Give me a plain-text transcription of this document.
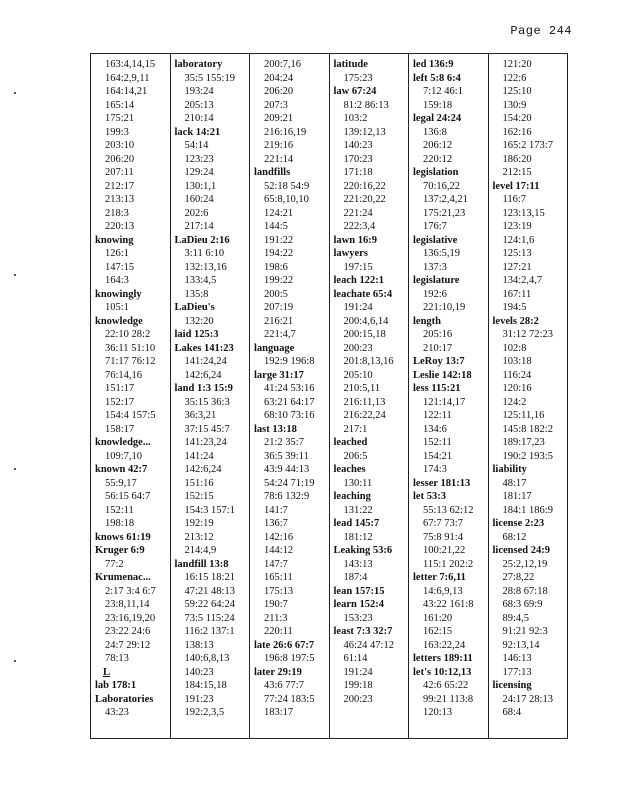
Page 244
163:4,14,15
164:2,9,11
164:14,21
165:14
175:21
199:3
203:10
206:20
207:11
212:17
213:13
218:3
220:13
knowing
126:1
147:15
164:3
knowingly
105:1
knowledge
22:10 28:2
36:11 51:10
71:17 76:12
76:14,16
151:17
152:17
154:4 157:5
158:17
knowledge...
109:7,10
known 42:7
55:9,17
56:15 64:7
152:11
198:18
knows 61:19
Kruger 6:9
77:2
Krumenac...
2:17 3:4 6:7
23:8,11,14
23:16,19,20
23:22 24:6
24:7 29:12
78:13
L
lab 178:1
Laboratories
43:23
laboratory
35:5 155:19
193:24
205:13
210:14
lack 14:21
54:14
123:23
129:24
130:1,1
160:24
202:6
217:14
LaDieu 2:16
3:11 6:10
132:13,16
133:4,5
135:8
LaDieu's
132:20
laid 125:3
Lakes 141:23
141:24,24
142:6,24
land 1:3 15:9
35:15 36:3
36:3,21
37:15 45:7
141:23,24
141:24
142:6,24
151:16
152:15
154:3 157:1
192:19
213:12
214:4,9
landfill 13:8
16:15 18:21
47:21 48:13
59:22 64:24
73:5 115:24
116:2 137:1
138:13
140:6,8,13
140:23
184:15,18
191:23
192:2,3,5
200:7,16
204:24
206:20
207:3
209:21
216:16,19
219:16
221:14
landfills
52:18 54:9
65:8,10,10
124:21
144:5
191:22
194:22
198:6
199:22
200:5
207:19
216:21
221:4,7
language
192:9 196:8
large 31:17
41:24 53:16
63:21 64:17
68:10 73:16
last 13:18
21:2 35:7
36:5 39:11
43:9 44:13
54:24 71:19
78:6 132:9
141:7
136:7
142:16
144:12
147:7
165:11
175:13
190:7
211:3
220:11
late 26:6 67:7
196:8 197:5
later 29:19
43:6 77:7
77:24 183:5
183:17
latitude
175:23
law 67:24
81:2 86:13
103:2
139:12,13
140:23
170:23
171:18
220:16,22
221:20,22
221:24
222:3,4
lawn 16:9
lawyers
197:15
leach 122:1
leachate 65:4
191:24
200:4,6,14
200:15,18
200:23
201:8,13,16
205:10
210:5,11
216:11,13
216:22,24
217:1
leached
206:5
leaches
130:11
leaching
131:22
lead 145:7
181:12
Leaking 53:6
143:13
187:4
lean 157:15
learn 152:4
153:23
least 7:3 32:7
46:24 47:12
61:14
191:24
199:18
200:23
led 136:9
left 5:8 6:4
7:12 46:1
159:18
legal 24:24
136:8
206:12
220:12
legislation
70:16,22
137:2,4,21
175:21,23
176:7
legislative
136:5,19
137:3
legislature
192:6
221:10,19
length
205:16
210:17
LeRoy 13:7
Leslie 142:18
less 115:21
121:14,17
122:11
134:6
152:11
154:21
174:3
lesser 181:13
let 53:3
55:13 62:12
67:7 73:7
75:8 91:4
100:21,22
115:1 202:2
letter 7:6,11
14:6,9,13
43:22 161:8
161:20
162:15
163:22,24
letters 189:11
let's 10:12,13
42:6 65:22
99:21 113:8
120:13
121:20
122:6
125:10
130:9
154:20
162:16
165:2 173:7
186:20
212:15
level 17:11
116:7
123:13,15
123:19
124:1,6
125:13
127:21
134:2,4,7
167:11
194:5
levels 28:2
31:12 72:23
102:8
103:18
116:24
120:16
124:2
125:11,16
145:8 182:2
189:17,23
190:2 193:5
liability
48:17
181:17
184:1 186:9
license 2:23
68:12
licensed 24:9
25:2,12,19
27:8,22
28:8 67:18
68:3 69:9
89:4,5
91:21 92:3
92:13,14
146:13
177:13
licensing
24:17 28:13
68:4
